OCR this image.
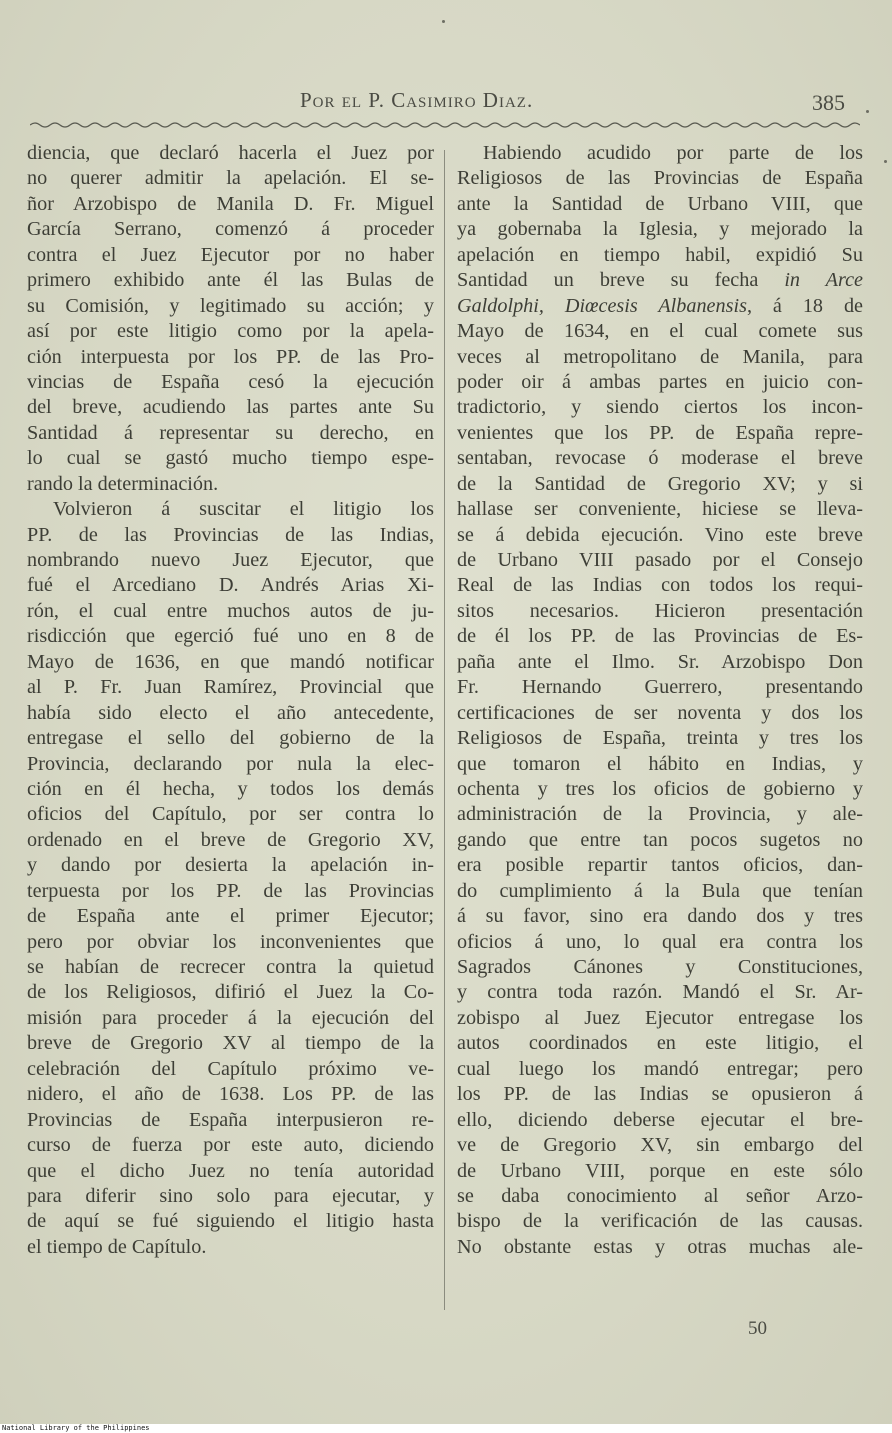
Por el P. Casimiro Diaz.	385
diencia, que declaró hacerla el Juez por
no querer admitir la apelación. El se-
ñor Arzobispo de Manila D. Fr. Miguel
García Serrano, comenzó á proceder
contra el Juez Ejecutor por no haber
primero exhibido ante él las Bulas de
su Comisión, y legitimado su acción; y
así por este litigio como por la apela-
ción interpuesta por los PP. de las Pro-
vincias de España cesó la ejecución
del breve, acudiendo las partes ante Su
Santidad á representar su derecho, en
lo cual se gastó mucho tiempo espe-
rando la determinación.
Volvieron á suscitar el litigio los
PP. de las Provincias de las Indias,
nombrando nuevo Juez Ejecutor, que
fué el Arcediano D. Andrés Arias Xi-
rón, el cual entre muchos autos de ju-
risdicción que egerció fué uno en 8 de
Mayo de 1636, en que mandó notificar
al P. Fr. Juan Ramírez, Provincial que
había sido electo el año antecedente,
entregase el sello del gobierno de la
Provincia, declarando por nula la elec-
ción en él hecha, y todos los demás
oficios del Capítulo, por ser contra lo
ordenado en el breve de Gregorio XV,
y dando por desierta la apelación in-
terpuesta por los PP. de las Provincias
de España ante el primer Ejecutor;
pero por obviar los inconvenientes que
se habían de recrecer contra la quietud
de los Religiosos, difirió el Juez la Co-
misión para proceder á la ejecución del
breve de Gregorio XV al tiempo de la
celebración del Capítulo próximo ve-
nidero, el año de 1638. Los PP. de las
Provincias de España interpusieron re-
curso de fuerza por este auto, diciendo
que el dicho Juez no tenía autoridad
para diferir sino solo para ejecutar, y
de aquí se fué siguiendo el litigio hasta
el tiempo de Capítulo.
Habiendo acudido por parte de los
Religiosos de las Provincias de España
ante la Santidad de Urbano VIII, que
ya gobernaba la Iglesia, y mejorado la
apelación en tiempo habil, expidió Su
Santidad un breve su fecha in Arce
Galdolphi, Diœcesis Albanensis, á 18 de
Mayo de 1634, en el cual comete sus
veces al metropolitano de Manila, para
poder oir á ambas partes en juicio con-
tradictorio, y siendo ciertos los incon-
venientes que los PP. de España repre-
sentaban, revocase ó moderase el breve
de la Santidad de Gregorio XV; y si
hallase ser conveniente, hiciese se lleva-
se á debida ejecución. Vino este breve
de Urbano VIII pasado por el Consejo
Real de las Indias con todos los requi-
sitos necesarios. Hicieron presentación
de él los PP. de las Provincias de Es-
paña ante el Ilmo. Sr. Arzobispo Don
Fr. Hernando Guerrero, presentando
certificaciones de ser noventa y dos los
Religiosos de España, treinta y tres los
que tomaron el hábito en Indias, y
ochenta y tres los oficios de gobierno y
administración de la Provincia, y ale-
gando que entre tan pocos sugetos no
era posible repartir tantos oficios, dan-
do cumplimiento á la Bula que tenían
á su favor, sino era dando dos y tres
oficios á uno, lo qual era contra los
Sagrados Cánones y Constituciones,
y contra toda razón. Mandó el Sr. Ar-
zobispo al Juez Ejecutor entregase los
autos coordinados en este litigio, el
cual luego los mandó entregar; pero
los PP. de las Indias se opusieron á
ello, diciendo deberse ejecutar el bre-
ve de Gregorio XV, sin embargo del
de Urbano VIII, porque en este sólo
se daba conocimiento al señor Arzo-
bispo de la verificación de las causas.
No obstante estas y otras muchas ale-
50
National Library of the Philippines
